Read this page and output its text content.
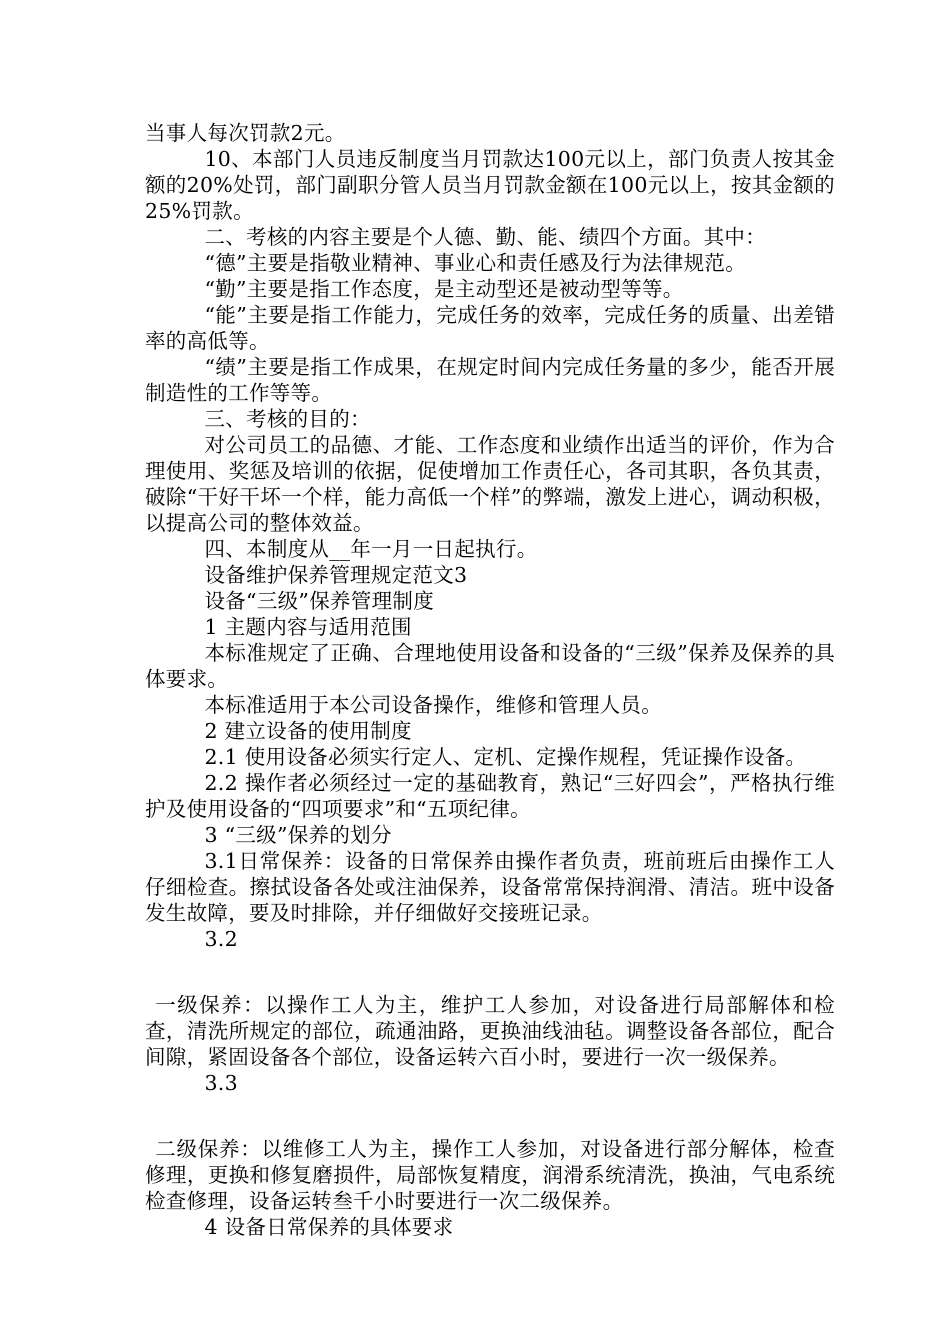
当事人每次罚款2元。

10、本部门人员违反制度当月罚款达100元以上，部门负责人按其金额的20%处罚，部门副职分管人员当月罚款金额在100元以上，按其金额的25%罚款。

二、考核的内容主要是个人德、勤、能、绩四个方面。其中：

“德”主要是指敬业精神、事业心和责任感及行为法律规范。

“勤”主要是指工作态度，是主动型还是被动型等等。

“能”主要是指工作能力，完成任务的效率，完成任务的质量、出差错率的高低等。

“绩”主要是指工作成果，在规定时间内完成任务量的多少，能否开展制造性的工作等等。

三、考核的目的：

对公司员工的品德、才能、工作态度和业绩作出适当的评价，作为合理使用、奖惩及培训的依据，促使增加工作责任心，各司其职，各负其责，破除“干好干坏一个样，能力高低一个样”的弊端，激发上进心，调动积极，以提高公司的整体效益。

四、本制度从__年一月一日起执行。

设备维护保养管理规定范文3

设备“三级”保养管理制度

1 主题内容与适用范围

本标准规定了正确、合理地使用设备和设备的“三级”保养及保养的具体要求。

本标准适用于本公司设备操作，维修和管理人员。

2 建立设备的使用制度

2.1 使用设备必须实行定人、定机、定操作规程，凭证操作设备。

2.2 操作者必须经过一定的基础教育，熟记“三好四会”，严格执行维护及使用设备的“四项要求”和“五项纪律。

3 “三级”保养的划分

3.1日常保养：设备的日常保养由操作者负责，班前班后由操作工人仔细检查。擦拭设备各处或注油保养，设备常常保持润滑、清洁。班中设备发生故障，要及时排除，并仔细做好交接班记录。

3.2

一级保养：以操作工人为主，维护工人参加，对设备进行局部解体和检查，清洗所规定的部位，疏通油路，更换油线油毡。调整设备各部位，配合间隙，紧固设备各个部位，设备运转六百小时，要进行一次一级保养。

3.3

二级保养：以维修工人为主，操作工人参加，对设备进行部分解体，检查修理，更换和修复磨损件，局部恢复精度，润滑系统清洗，换油，气电系统检查修理，设备运转叁千小时要进行一次二级保养。

4 设备日常保养的具体要求
